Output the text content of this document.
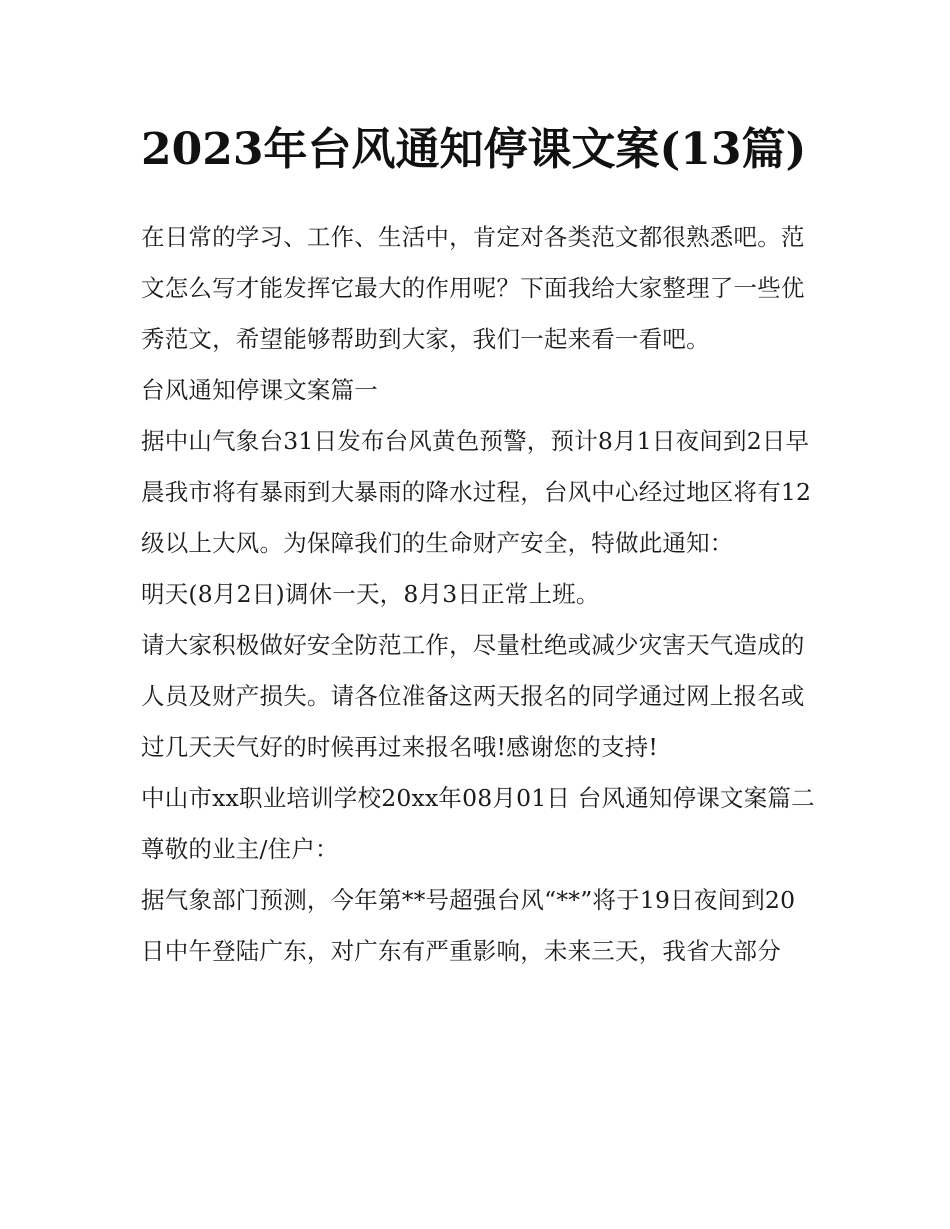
2023年台风通知停课文案(13篇)

在日常的学习、工作、生活中，肯定对各类范文都很熟悉吧。范文怎么写才能发挥它最大的作用呢？下面我给大家整理了一些优秀范文，希望能够帮助到大家，我们一起来看一看吧。

台风通知停课文案篇一

据中山气象台31日发布台风黄色预警，预计8月1日夜间到2日早晨我市将有暴雨到大暴雨的降水过程，台风中心经过地区将有12级以上大风。为保障我们的生命财产安全，特做此通知：

明天(8月2日)调休一天，8月3日正常上班。

请大家积极做好安全防范工作，尽量杜绝或减少灾害天气造成的人员及财产损失。请各位准备这两天报名的同学通过网上报名或过几天天气好的时候再过来报名哦!感谢您的支持!

中山市xx职业培训学校20xx年08月01日 台风通知停课文案篇二 尊敬的业主/住户：

据气象部门预测，今年第**号超强台风“**”将于19日夜间到20日中午登陆广东，对广东有严重影响，未来三天，我省大部分
